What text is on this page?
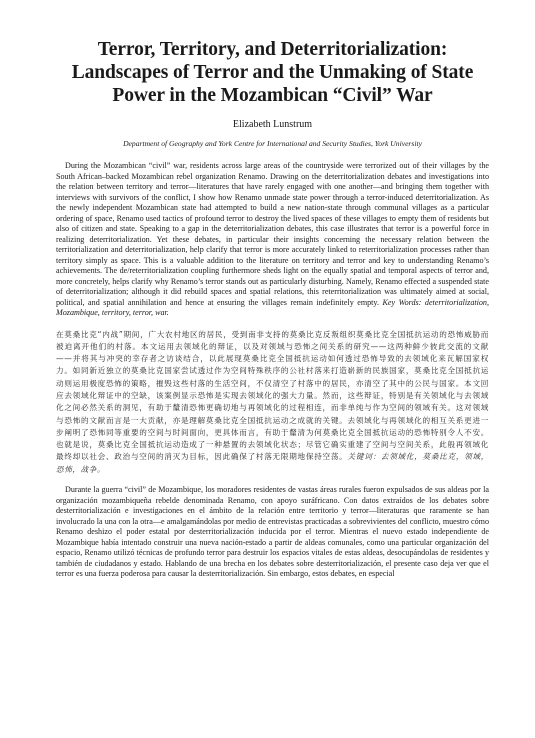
Terror, Territory, and Deterritorialization: Landscapes of Terror and the Unmaking of State Power in the Mozambican “Civil” War
Elizabeth Lunstrum
Department of Geography and York Centre for International and Security Studies, York University

During the Mozambican “civil” war, residents across large areas of the countryside were terrorized out of their villages by the South African–backed Mozambican rebel organization Renamo. Drawing on the deterritorialization debates and investigations into the relation between territory and terror—literatures that have rarely engaged with one another—and bringing them together with interviews with survivors of the conflict, I show how Renamo unmade state power through a terror-induced deterritorialization. As the newly independent Mozambican state had attempted to build a new nation-state through communal villages as a particular ordering of space, Renamo used tactics of profound terror to destroy the lived spaces of these villages to empty them of residents but also of citizen and state. Speaking to a gap in the deterritorialization debates, this case illustrates that terror is a powerful force in realizing deterritorialization. Yet these debates, in particular their insights concerning the necessary relation between the territorialization and deterritorialization, help clarify that terror is more accurately linked to reterritorialization processes rather than territory simply as space. This is a valuable addition to the literature on territory and terror and key to understanding Renamo’s achievements. The de/reterritorialization coupling furthermore sheds light on the equally spatial and temporal aspects of terror and, more concretely, helps clarify why Renamo’s terror stands out as particularly disturbing. Namely, Renamo effected a suspended state of deterritorialization; although it did rebuild spaces and spatial relations, this reterritorialization was ultimately aimed at social, political, and spatial annihilation and hence at ensuring the villages remain indefinitely empty. Key Words: deterritorialization, Mozambique, territory, terror, war.

在莫桑比克“内战”期间，广大农村地区的居民，受到南非支持的莫桑比克反叛组织莫桑比克全国抵抗运动的恐怖威胁而被迫离开他们的村落。本文运用去领域化的辩证，以及对领域与恐怖之间关系的研究——这两种鲜少彼此交流的文献——并将其与冲突的幸存者之访谈结合，以此展现莫桑比克全国抵抗运动如何透过恐怖导致的去领域化来瓦解国家权力。如同新近独立的莫桑比克国家尝试透过作为空间特殊秩序的公社村落来打造崭新的民族国家，莫桑比克全国抵抗运动则运用极度恐怖的策略，摧毁这些村落的生活空间，不仅清空了村落中的居民，亦清空了其中的公民与国家。本文回应去领域化辩证中的空缺，该案例显示恐怖是实现去领域化的强大力量。然而，这些辩证，特别是有关领域化与去领域化之间必然关系的洞见，有助于釐清恐怖更确切地与再领域化的过程相连，而非单纯与作为空间的领域有关。这对领域与恐怖的文献而言是一大贡献，亦是理解莫桑比克全国抵抗运动之成就的关键。去领域化与再领域化的相互关系更进一步阐明了恐怖同等重要的空间与时间面向，更具体而言，有助于釐清为何莫桑比克全国抵抗运动的恐怖特别令人不安。也就是说，莫桑比克全国抵抗运动造成了一种悬置的去领域化状态；尽管它确实重建了空间与空间关系，此般再领域化最终却以社会、政治与空间的消灭为目标，因此确保了村落无限期地保持空荡。关键词：去领域化，莫桑比克，领域，恐怖，战争。

Durante la guerra “civil” de Mozambique, los moradores residentes de vastas áreas rurales fueron expulsados de sus aldeas por la organización mozambiqueña rebelde denominada Renamo, con apoyo suráfricano. Con datos extraídos de los debates sobre desterritorialización e investigaciones en el ámbito de la relación entre territorio y terror—literaturas que raramente se han involucrado la una con la otra—e amalgamándolas por medio de entrevistas practicadas a sobrevivientes del conflicto, muestro cómo Renamo deshizo el poder estatal por desterritorialización inducida por el terror. Mientras el nuevo estado independiente de Mozambique había intentado construir una nueva nación-estado a partir de aldeas comunales, como una particular organización del espacio, Renamo utilizó técnicas de profundo terror para destruir los espacios vitales de estas aldeas, desocupándolas de residentes y también de ciudadanos y estado. Hablando de una brecha en los debates sobre desterritorialización, el presente caso deja ver que el terror es una fuerza poderosa para causar la desterritorialización. Sin embargo, estos debates, en especial
